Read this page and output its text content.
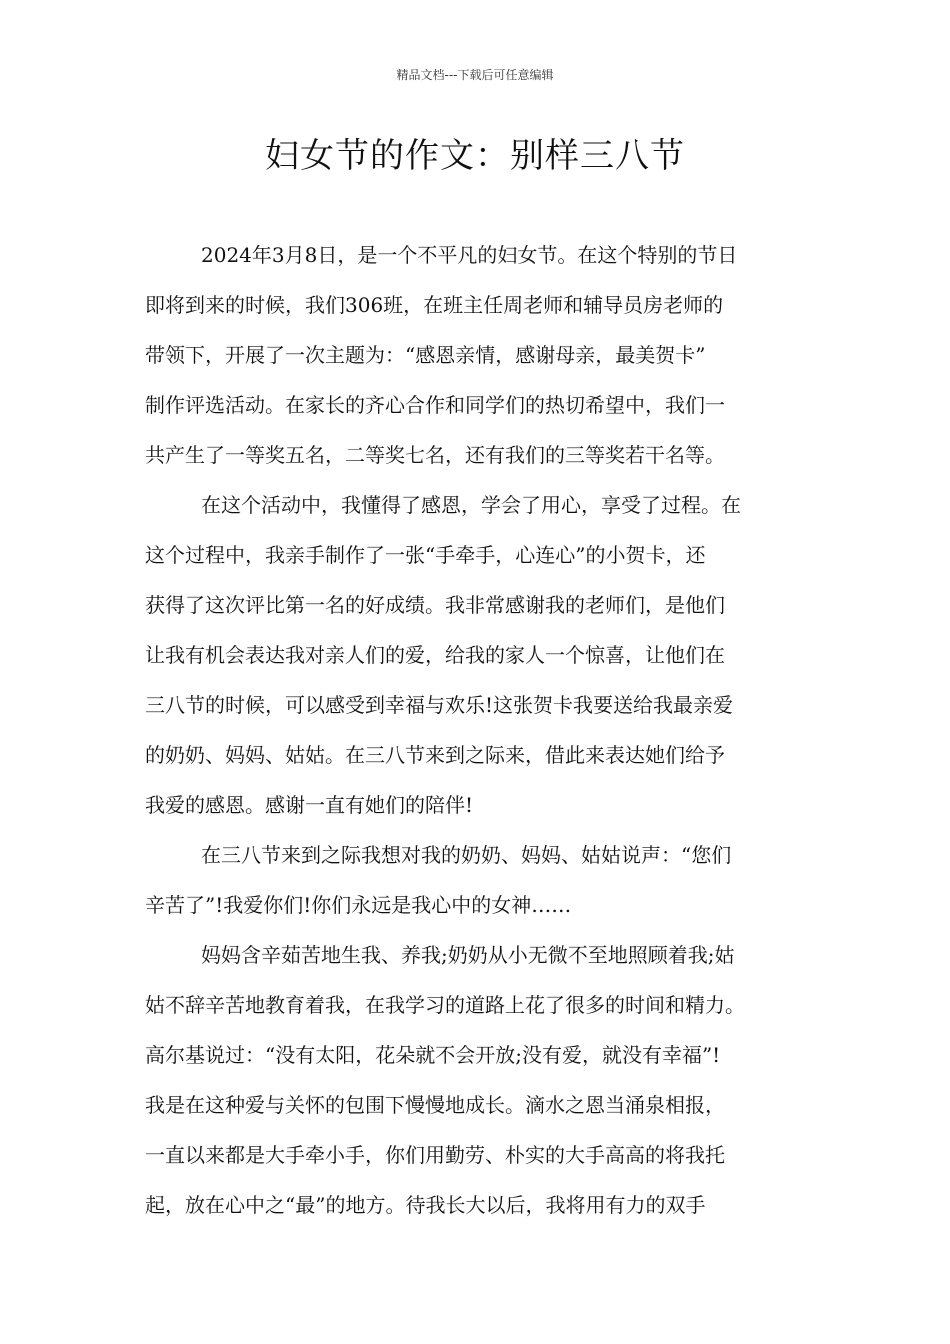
精品文档---下载后可任意编辑
妇女节的作文：别样三八节
2024年3月8日，是一个不平凡的妇女节。在这个特别的节日
即将到来的时候，我们306班，在班主任周老师和辅导员房老师的
带领下，开展了一次主题为：“感恩亲情，感谢母亲，最美贺卡”
制作评选活动。在家长的齐心合作和同学们的热切希望中，我们一
共产生了一等奖五名，二等奖七名，还有我们的三等奖若干名等。
在这个活动中，我懂得了感恩，学会了用心，享受了过程。在
这个过程中，我亲手制作了一张“手牵手，心连心”的小贺卡，还
获得了这次评比第一名的好成绩。我非常感谢我的老师们，是他们
让我有机会表达我对亲人们的爱，给我的家人一个惊喜，让他们在
三八节的时候，可以感受到幸福与欢乐!这张贺卡我要送给我最亲爱
的奶奶、妈妈、姑姑。在三八节来到之际来，借此来表达她们给予
我爱的感恩。感谢一直有她们的陪伴!
在三八节来到之际我想对我的奶奶、妈妈、姑姑说声：“您们
辛苦了”!我爱你们!你们永远是我心中的女神……
妈妈含辛茹苦地生我、养我;奶奶从小无微不至地照顾着我;姑
姑不辞辛苦地教育着我，在我学习的道路上花了很多的时间和精力。
高尔基说过：“没有太阳，花朵就不会开放;没有爱，就没有幸福”!
我是在这种爱与关怀的包围下慢慢地成长。滴水之恩当涌泉相报，
一直以来都是大手牵小手，你们用勤劳、朴实的大手高高的将我托
起，放在心中之“最”的地方。待我长大以后，我将用有力的双手
